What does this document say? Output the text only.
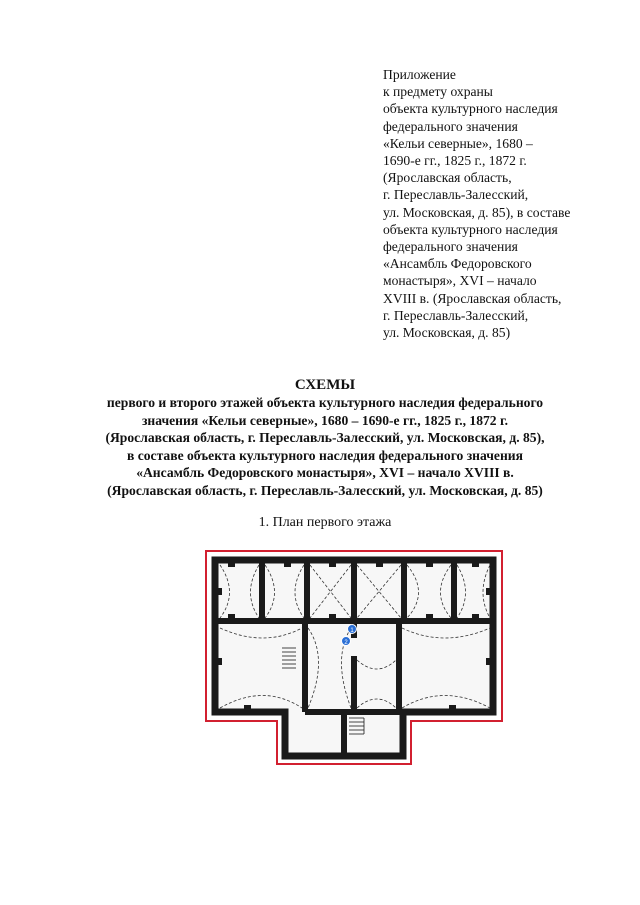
Приложение
к предмету охраны
объекта культурного наследия
федерального значения
«Кельи северные», 1680 –
1690-е гг., 1825 г., 1872 г.
(Ярославская область,
г. Переславль-Залесский,
ул. Московская, д. 85), в составе
объекта культурного наследия
федерального значения
«Ансамбль Федоровского
монастыря», XVI – начало
XVIII в. (Ярославская область,
г. Переславль-Залесский,
ул. Московская, д. 85)
СХЕМЫ
первого и второго этажей объекта культурного наследия федерального
значения «Кельи северные», 1680 – 1690-е гг., 1825 г., 1872 г.
(Ярославская область, г. Переславль-Залесский, ул. Московская, д. 85),
в составе объекта культурного наследия федерального значения
«Ансамбль Федоровского монастыря», XVI – начало XVIII в.
(Ярославская область, г. Переславль-Залесский, ул. Московская, д. 85)
1. План первого этажа
1
2
